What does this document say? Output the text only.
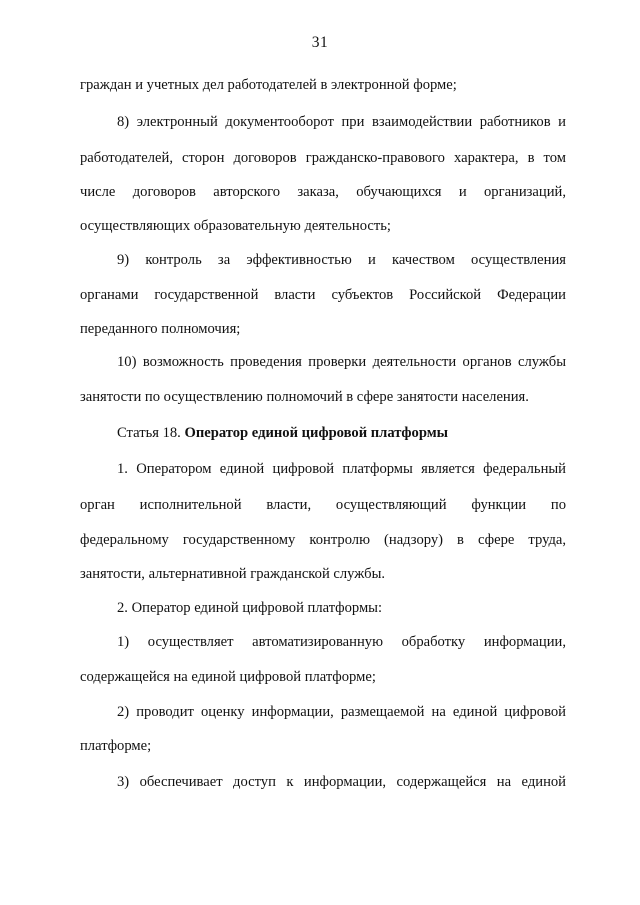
31
граждан и учетных дел работодателей в электронной форме;
8) электронный документооборот при взаимодействии работников и
работодателей, сторон договоров гражданско-правового характера, в том
числе договоров авторского заказа, обучающихся и организаций,
осуществляющих образовательную деятельность;
9) контроль за эффективностью и качеством осуществления
органами государственной власти субъектов Российской Федерации
переданного полномочия;
10) возможность проведения проверки деятельности органов службы
занятости по осуществлению полномочий в сфере занятости населения.
Статья 18. Оператор единой цифровой платформы
1. Оператором единой цифровой платформы является федеральный
орган исполнительной власти, осуществляющий функции по
федеральному государственному контролю (надзору) в сфере труда,
занятости, альтернативной гражданской службы.
2. Оператор единой цифровой платформы:
1) осуществляет автоматизированную обработку информации,
содержащейся на единой цифровой платформе;
2) проводит оценку информации, размещаемой на единой цифровой
платформе;
3) обеспечивает доступ к информации, содержащейся на единой
